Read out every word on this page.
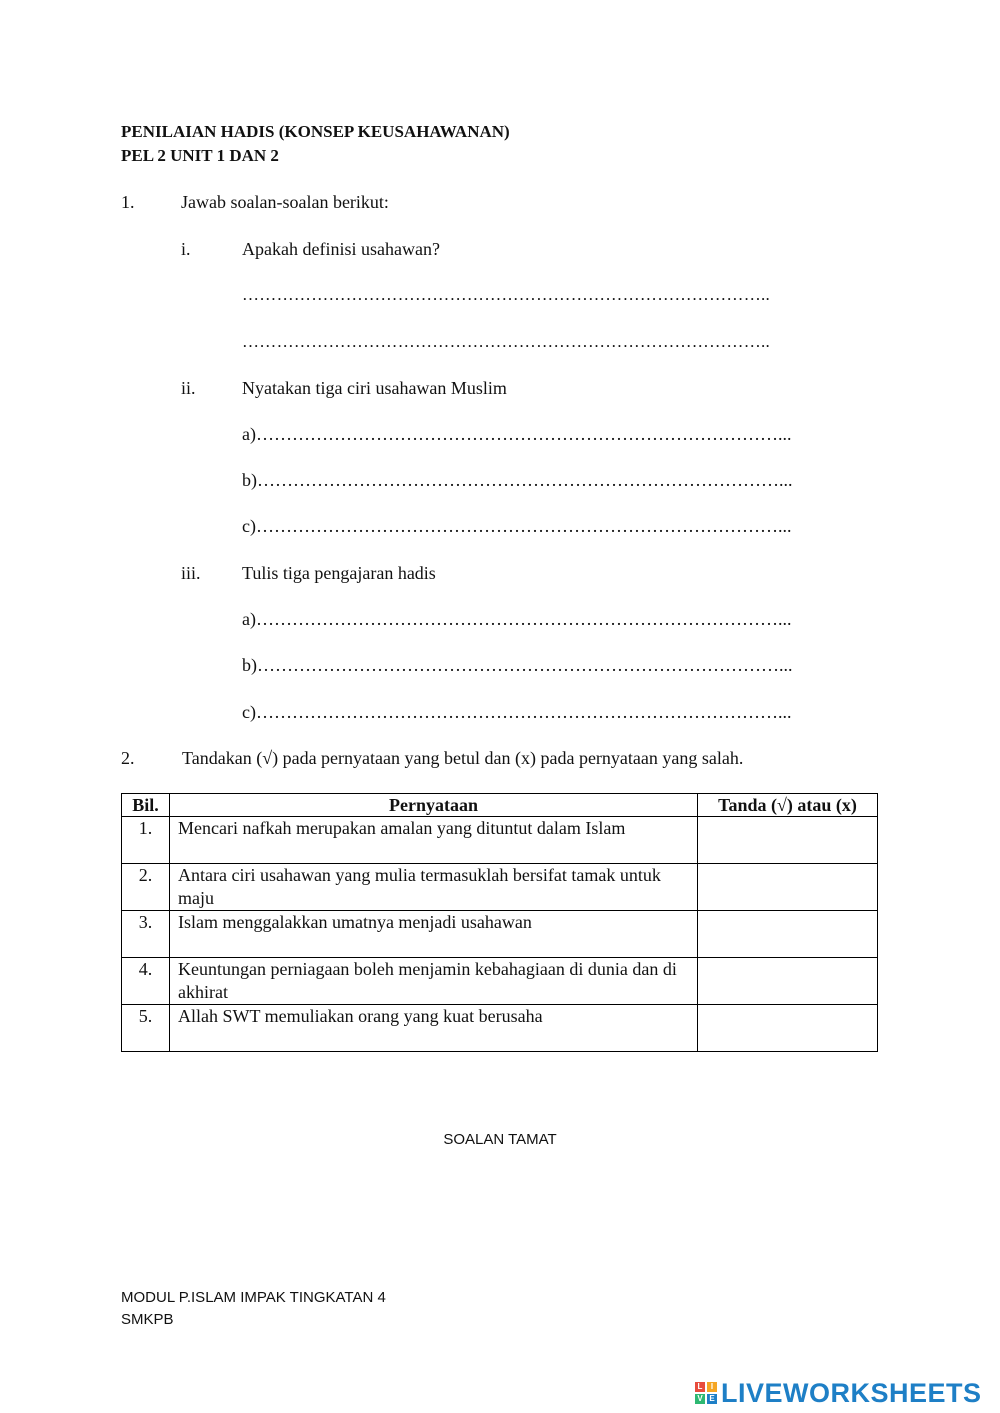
PENILAIAN HADIS (KONSEP KEUSAHAWANAN)
PEL 2 UNIT 1 DAN 2
1.	Jawab soalan-soalan berikut:
i.	Apakah definisi usahawan?
………………………………………………………………………………..
………………………………………………………………………………..
ii.	Nyatakan tiga ciri usahawan Muslim
a)……………………………………………………………………………...
b)……………………………………………………………………………...
c)……………………………………………………………………………...
iii. Tulis tiga pengajaran hadis
a)……………………………………………………………………………...
b)……………………………………………………………………………...
c)……………………………………………………………………………...
2.	Tandakan (√) pada pernyataan yang betul dan (x) pada pernyataan yang salah.
Bil.	Pernyataan	Tanda (√) atau (x)
1.	Mencari nafkah merupakan amalan yang dituntut dalam Islam	
2.	Antara ciri usahawan yang mulia termasuklah bersifat tamak untuk maju	
3.	Islam menggalakkan umatnya menjadi usahawan	
4.	Keuntungan perniagaan boleh menjamin kebahagiaan di dunia dan di akhirat	
5.	Allah SWT memuliakan orang yang kuat berusaha	
SOALAN TAMAT
MODUL P.ISLAM IMPAK TINGKATAN 4
SMKPB
L	I
V E LIVEWORKSHEETS
